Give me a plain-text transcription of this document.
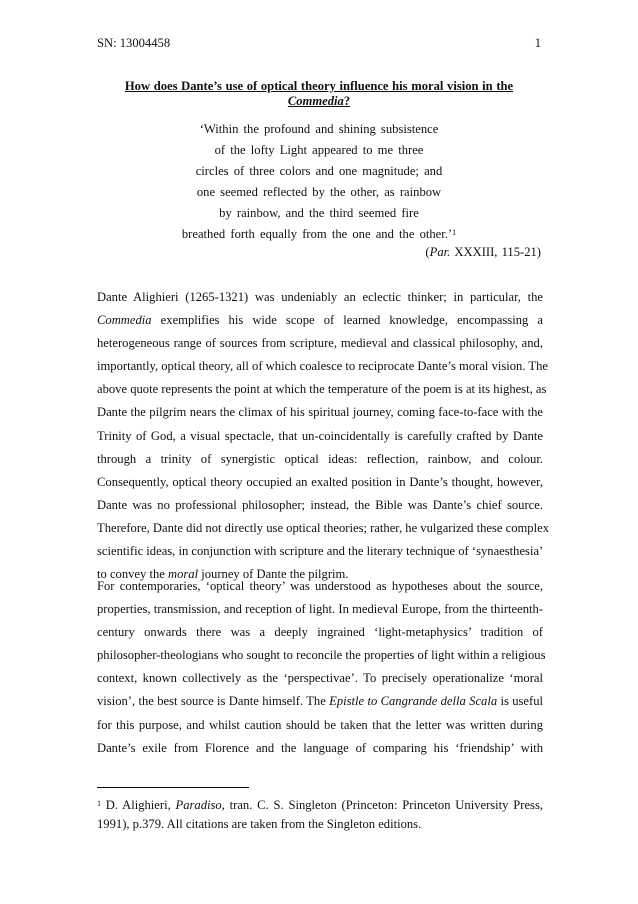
SN: 13004458	1
How does Dante’s use of optical theory influence his moral vision in the Commedia?
‘Within the profound and shining subsistence
of the lofty Light appeared to me three
circles of three colors and one magnitude; and
one seemed reflected by the other, as rainbow
by rainbow, and the third seemed fire
breathed forth equally from the one and the other.’$^1$
(Par. XXXIII, 115-21)
Dante Alighieri (1265-1321) was undeniably an eclectic thinker; in particular, the
Commedia exemplifies his wide scope of learned knowledge, encompassing a
heterogeneous range of sources from scripture, medieval and classical philosophy, and,
importantly, optical theory, all of which coalesce to reciprocate Dante’s moral vision. The
above quote represents the point at which the temperature of the poem is at its highest, as
Dante the pilgrim nears the climax of his spiritual journey, coming face-to-face with the
Trinity of God, a visual spectacle, that un-coincidentally is carefully crafted by Dante
through a trinity of synergistic optical ideas: reflection, rainbow, and colour.
Consequently, optical theory occupied an exalted position in Dante’s thought, however,
Dante was no professional philosopher; instead, the Bible was Dante’s chief source.
Therefore, Dante did not directly use optical theories; rather, he vulgarized these complex
scientific ideas, in conjunction with scripture and the literary technique of ‘synaesthesia’
to convey the moral journey of Dante the pilgrim.
For contemporaries, ‘optical theory’ was understood as hypotheses about the source,
properties, transmission, and reception of light. In medieval Europe, from the thirteenth-
century onwards there was a deeply ingrained ‘light-metaphysics’ tradition of
philosopher-theologians who sought to reconcile the properties of light within a religious
context, known collectively as the ‘perspectivae’. To precisely operationalize ‘moral
vision’, the best source is Dante himself. The Epistle to Cangrande della Scala is useful
for this purpose, and whilst caution should be taken that the letter was written during
Dante’s exile from Florence and the language of comparing his ‘friendship’ with
$^1$ D. Alighieri, Paradiso, tran. C. S. Singleton (Princeton: Princeton University Press,
1991), p.379. All citations are taken from the Singleton editions.
